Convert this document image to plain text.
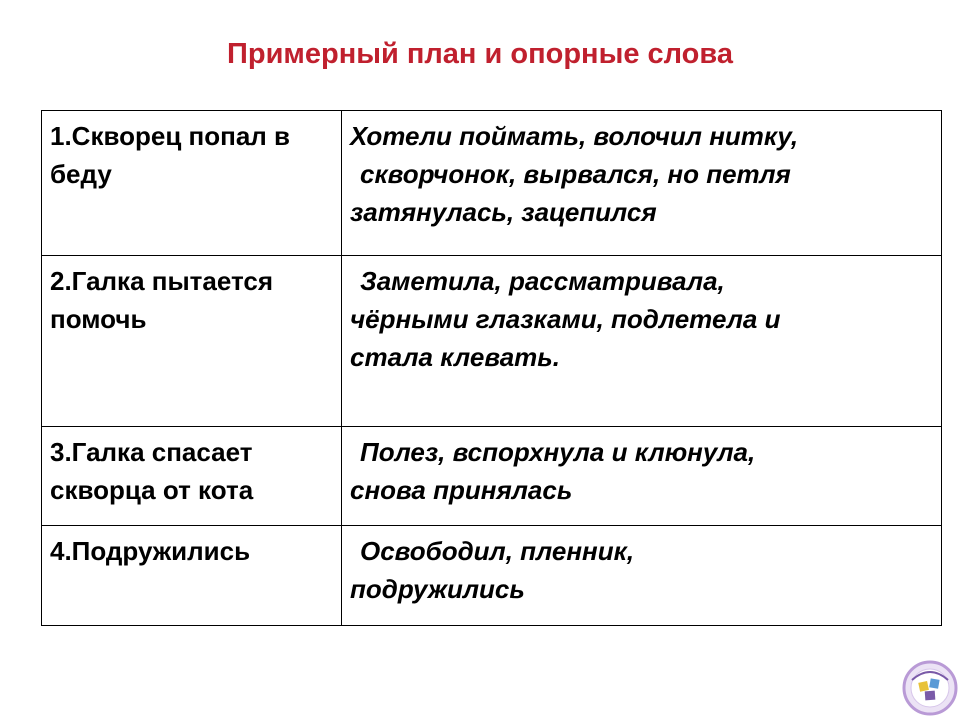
Примерный план и опорные слова
1.Скворец попал в беду	Хотели поймать, волочил нитку,
скворчонок, вырвался, но петля
затянулась, зацепился

2.Галка пытается помочь	Заметила, рассматривала,
чёрными глазками, подлетела и
стала клевать.

3.Галка спасает скворца от кота	Полез, вспорхнула и клюнула,
снова принялась

4.Подружились	Освободил, пленник,
подружились
